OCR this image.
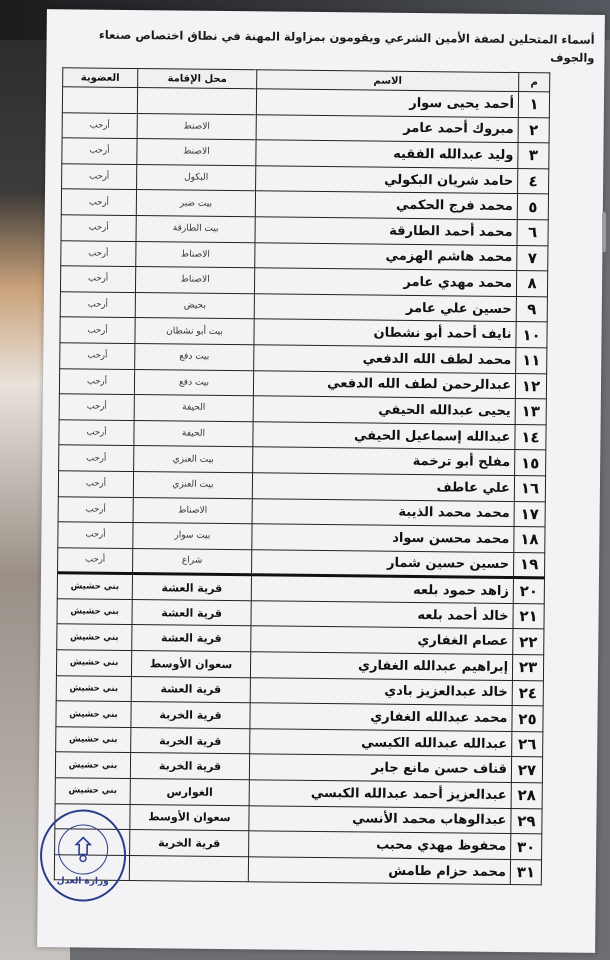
أسماء المتحلين لصفة الأمين الشرعي ويقومون بمزاولة المهنة في نطاق اختصاص صنعاء والجوف
م	الاسم	محل الإقامة	العضوية
١	أحمد يحيى سوار		
٢	مبروك أحمد عامر	الاصنط	أرحب
٣	وليد عبدالله الفقيه	الاصنط	أرحب
٤	حامد شريان البكولي	البكول	أرحب
٥	محمد فرج الحكمي	بيت ضبر	أرحب
٦	محمد أحمد الطارقة	بيت الطارقة	أرحب
٧	محمد هاشم الهزمي	الاصناط	أرحب
٨	محمد مهدي عامر	الاصناط	أرحب
٩	حسين علي عامر	بحيض	أرحب
١٠	نايف أحمد أبو نشطان	بيت أبو نشطان	أرحب
١١	محمد لطف الله الدفعي	بيت دفع	أرحب
١٢	عبدالرحمن لطف الله الدفعي	بيت دفع	أرحب
١٣	يحيى عبدالله الحيفي	الحيفة	أرحب
١٤	عبدالله إسماعيل الحيفي	الحيفة	أرحب
١٥	مفلح أبو ترخمة	بيت العنزي	أرحب
١٦	علي عاطف	بيت العنزي	أرحب
١٧	محمد محمد الذيبة	الاصناط	أرحب
١٨	محمد محسن سواد	بيت سوار	أرحب
١٩	حسين حسين شمار	شراع	أرحب
٢٠	زاهد حمود بلعه	قرية العشة	بني حشيش
٢١	خالد أحمد بلعه	قرية العشة	بني حشيش
٢٢	عصام الغفاري	قرية العشة	بني حشيش
٢٣	إبراهيم عبدالله الغفاري	سعوان الأوسط	بني حشيش
٢٤	خالد عبدالعزيز بادي	قرية العشة	بني حشيش
٢٥	محمد عبدالله الغفاري	قرية الخربة	بني حشيش
٢٦	عبدالله عبدالله الكبسي	قرية الخربة	بني حشيش
٢٧	قناف حسن مانع جابر	قرية الخربة	بني حشيش
٢٨	عبدالعزيز أحمد عبدالله الكبسي	الغوارس	بني حشيش
٢٩	عبدالوهاب محمد الأنسي	سعوان الأوسط	
٣٠	محفوظ مهدي محبب	قرية الخربة	
٣١	محمد حزام طامش		
وزارة العدل
